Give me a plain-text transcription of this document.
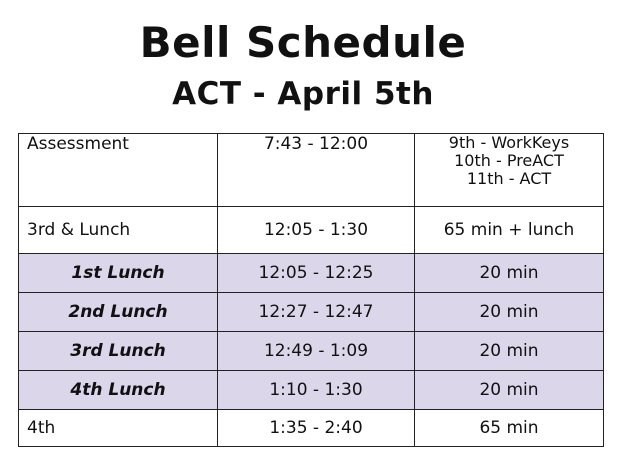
Bell Schedule
ACT - April 5th
Assessment	7:43 - 12:00	9th - WorkKeys
10th - PreACT
11th - ACT

3rd & Lunch	12:05 - 1:30	65 min + lunch
1st Lunch	12:05 - 12:25	20 min
2nd Lunch	12:27 - 12:47	20 min
3rd Lunch	12:49 - 1:09	20 min
4th Lunch	1:10 - 1:30	20 min
4th	1:35 - 2:40	65 min
